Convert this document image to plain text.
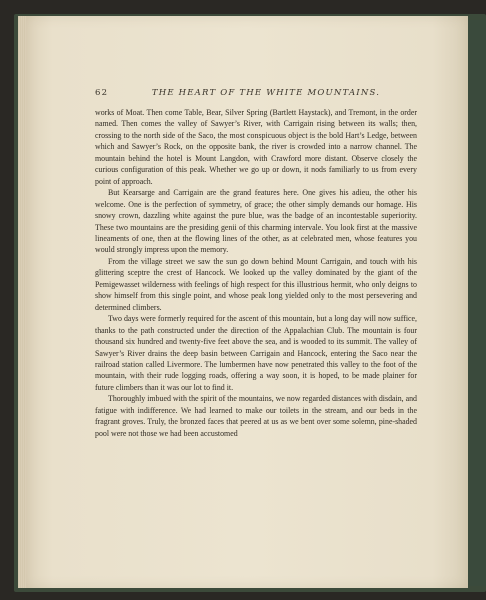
62	THE HEART OF THE WHITE MOUNTAINS.

works of Moat. Then come Table, Bear, Silver Spring (Bartlett Haystack), and Tremont, in the order named. Then comes the valley of Sawyer’s River, with Carrigain rising between its walls; then, crossing to the north side of the Saco, the most conspicuous object is the bold Hart’s Ledge, between which and Sawyer’s Rock, on the opposite bank, the river is crowded into a narrow channel. The mountain behind the hotel is Mount Langdon, with Crawford more distant. Observe closely the curious configuration of this peak. Whether we go up or down, it nods familiarly to us from every point of approach.

But Kearsarge and Carrigain are the grand features here. One gives his adieu, the other his welcome. One is the perfection of symmetry, of grace; the other simply demands our homage. His snowy crown, dazzling white against the pure blue, was the badge of an incontestable superiority. These two mountains are the presiding genii of this charming intervale. You look first at the massive lineaments of one, then at the flowing lines of the other, as at celebrated men, whose features you would strongly impress upon the memory.

From the village street we saw the sun go down behind Mount Carrigain, and touch with his glittering sceptre the crest of Hancock. We looked up the valley dominated by the giant of the Pemigewasset wilderness with feelings of high respect for this illustrious hermit, who only deigns to show himself from this single point, and whose peak long yielded only to the most persevering and determined climbers.

Two days were formerly required for the ascent of this mountain, but a long day will now suffice, thanks to the path constructed under the direction of the Appalachian Club. The mountain is four thousand six hundred and twenty-five feet above the sea, and is wooded to its summit. The valley of Sawyer’s River drains the deep basin between Carrigain and Hancock, entering the Saco near the railroad station called Livermore. The lumbermen have now penetrated this valley to the foot of the mountain, with their rude logging roads, offering a way soon, it is hoped, to be made plainer for future climbers than it was our lot to find it.

Thoroughly imbued with the spirit of the mountains, we now regarded distances with disdain, and fatigue with indifference. We had learned to make our toilets in the stream, and our beds in the fragrant groves. Truly, the bronzed faces that peered at us as we bent over some solemn, pine-shaded pool were not those we had been accustomed
